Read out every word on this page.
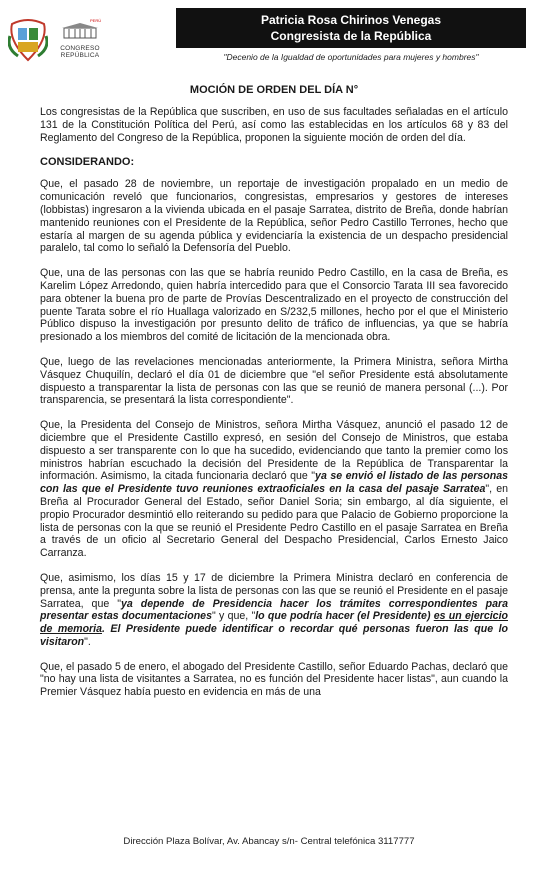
PERÚ
CONGRESO
REPÚBLICA
Patricia Rosa Chirinos Venegas
Congresista de la República
"Decenio de la Igualdad de oportunidades para mujeres y hombres"
MOCIÓN DE ORDEN DEL DÍA N°

Los congresistas de la República que suscriben, en uso de sus facultades señaladas en el artículo 131 de la Constitución Política del Perú, así como las establecidas en los artículos 68 y 83 del Reglamento del Congreso de la República, proponen la siguiente moción de orden del día.

CONSIDERANDO:

Que, el pasado 28 de noviembre, un reportaje de investigación propalado en un medio de comunicación reveló que funcionarios, congresistas, empresarios y gestores de intereses (lobbistas) ingresaron a la vivienda ubicada en el pasaje Sarratea, distrito de Breña, donde habrían mantenido reuniones con el Presidente de la República, señor Pedro Castillo Terrones, hecho que estaría al margen de su agenda pública y evidenciaría la existencia de un despacho presidencial paralelo, tal como lo señaló la Defensoría del Pueblo.

Que, una de las personas con las que se habría reunido Pedro Castillo, en la casa de Breña, es Karelim López Arredondo, quien habría intercedido para que el Consorcio Tarata III sea favorecido para obtener la buena pro de parte de Provías Descentralizado en el proyecto de construcción del puente Tarata sobre el río Huallaga valorizado en S/232,5 millones, hecho por el que el Ministerio Público dispuso la investigación por presunto delito de tráfico de influencias, ya que se habría presionado a los miembros del comité de licitación de la mencionada obra.

Que, luego de las revelaciones mencionadas anteriormente, la Primera Ministra, señora Mirtha Vásquez Chuquilín, declaró el día 01 de diciembre que "el señor Presidente está absolutamente dispuesto a transparentar la lista de personas con las que se reunió de manera personal (...). Por transparencia, se presentará la lista correspondiente".

Que, la Presidenta del Consejo de Ministros, señora Mirtha Vásquez, anunció el pasado 12 de diciembre que el Presidente Castillo expresó, en sesión del Consejo de Ministros, que estaba dispuesto a ser transparente con lo que ha sucedido, evidenciando que tanto la premier como los ministros habrían escuchado la decisión del Presidente de la República de Transparentar la información. Asimismo, la citada funcionaria declaró que "ya se envió el listado de las personas con las que el Presidente tuvo reuniones extraoficiales en la casa del pasaje Sarratea", en Breña al Procurador General del Estado, señor Daniel Soria; sin embargo, al día siguiente, el propio Procurador desmintió ello reiterando su pedido para que Palacio de Gobierno proporcione la lista de personas con la que se reunió el Presidente Pedro Castillo en el pasaje Sarratea en Breña a través de un oficio al Secretario General del Despacho Presidencial, Carlos Ernesto Jaico Carranza.

Que, asimismo, los días 15 y 17 de diciembre la Primera Ministra declaró en conferencia de prensa, ante la pregunta sobre la lista de personas con las que se reunió el Presidente en el pasaje Sarratea, que "ya depende de Presidencia hacer los trámites correspondientes para presentar estas documentaciones" y que, "lo que podría hacer (el Presidente) es un ejercicio de memoria. El Presidente puede identificar o recordar qué personas fueron las que lo visitaron".

Que, el pasado 5 de enero, el abogado del Presidente Castillo, señor Eduardo Pachas, declaró que "no hay una lista de visitantes a Sarratea, no es función del Presidente hacer listas", aun cuando la Premier Vásquez había puesto en evidencia en más de una

Dirección Plaza Bolívar, Av. Abancay s/n- Central telefónica 3117777
